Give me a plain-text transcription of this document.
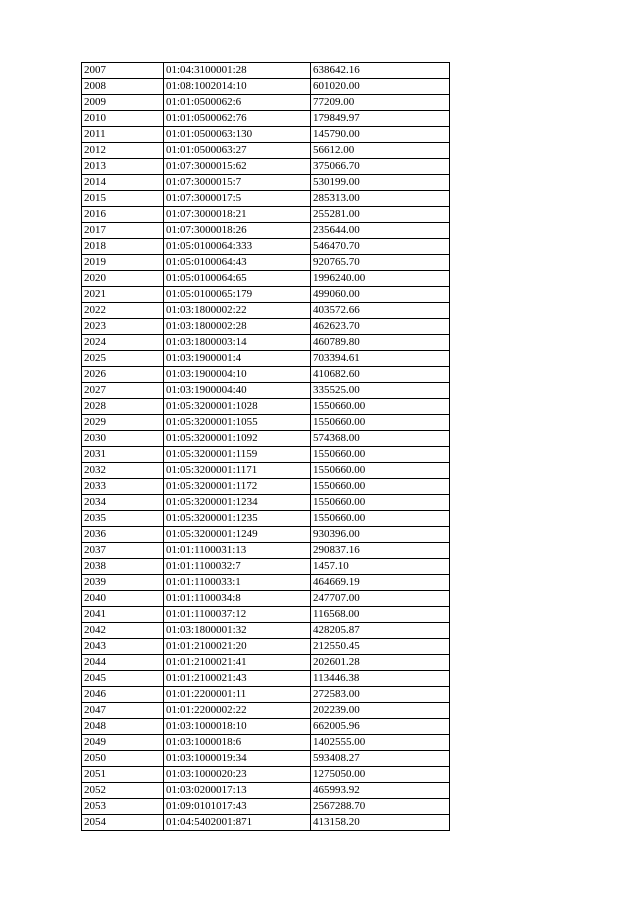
2007	01:04:3100001:28	638642.16
2008	01:08:1002014:10	601020.00
2009	01:01:0500062:6	77209.00
2010	01:01:0500062:76	179849.97
2011	01:01:0500063:130	145790.00
2012	01:01:0500063:27	56612.00
2013	01:07:3000015:62	375066.70
2014	01:07:3000015:7	530199.00
2015	01:07:3000017:5	285313.00
2016	01:07:3000018:21	255281.00
2017	01:07:3000018:26	235644.00
2018	01:05:0100064:333	546470.70
2019	01:05:0100064:43	920765.70
2020	01:05:0100064:65	1996240.00
2021	01:05:0100065:179	499060.00
2022	01:03:1800002:22	403572.66
2023	01:03:1800002:28	462623.70
2024	01:03:1800003:14	460789.80
2025	01:03:1900001:4	703394.61
2026	01:03:1900004:10	410682.60
2027	01:03:1900004:40	335525.00
2028	01:05:3200001:1028	1550660.00
2029	01:05:3200001:1055	1550660.00
2030	01:05:3200001:1092	574368.00
2031	01:05:3200001:1159	1550660.00
2032	01:05:3200001:1171	1550660.00
2033	01:05:3200001:1172	1550660.00
2034	01:05:3200001:1234	1550660.00
2035	01:05:3200001:1235	1550660.00
2036	01:05:3200001:1249	930396.00
2037	01:01:1100031:13	290837.16
2038	01:01:1100032:7	1457.10
2039	01:01:1100033:1	464669.19
2040	01:01:1100034:8	247707.00
2041	01:01:1100037:12	116568.00
2042	01:03:1800001:32	428205.87
2043	01:01:2100021:20	212550.45
2044	01:01:2100021:41	202601.28
2045	01:01:2100021:43	113446.38
2046	01:01:2200001:11	272583.00
2047	01:01:2200002:22	202239.00
2048	01:03:1000018:10	662005.96
2049	01:03:1000018:6	1402555.00
2050	01:03:1000019:34	593408.27
2051	01:03:1000020:23	1275050.00
2052	01:03:0200017:13	465993.92
2053	01:09:0101017:43	2567288.70
2054	01:04:5402001:871	413158.20
